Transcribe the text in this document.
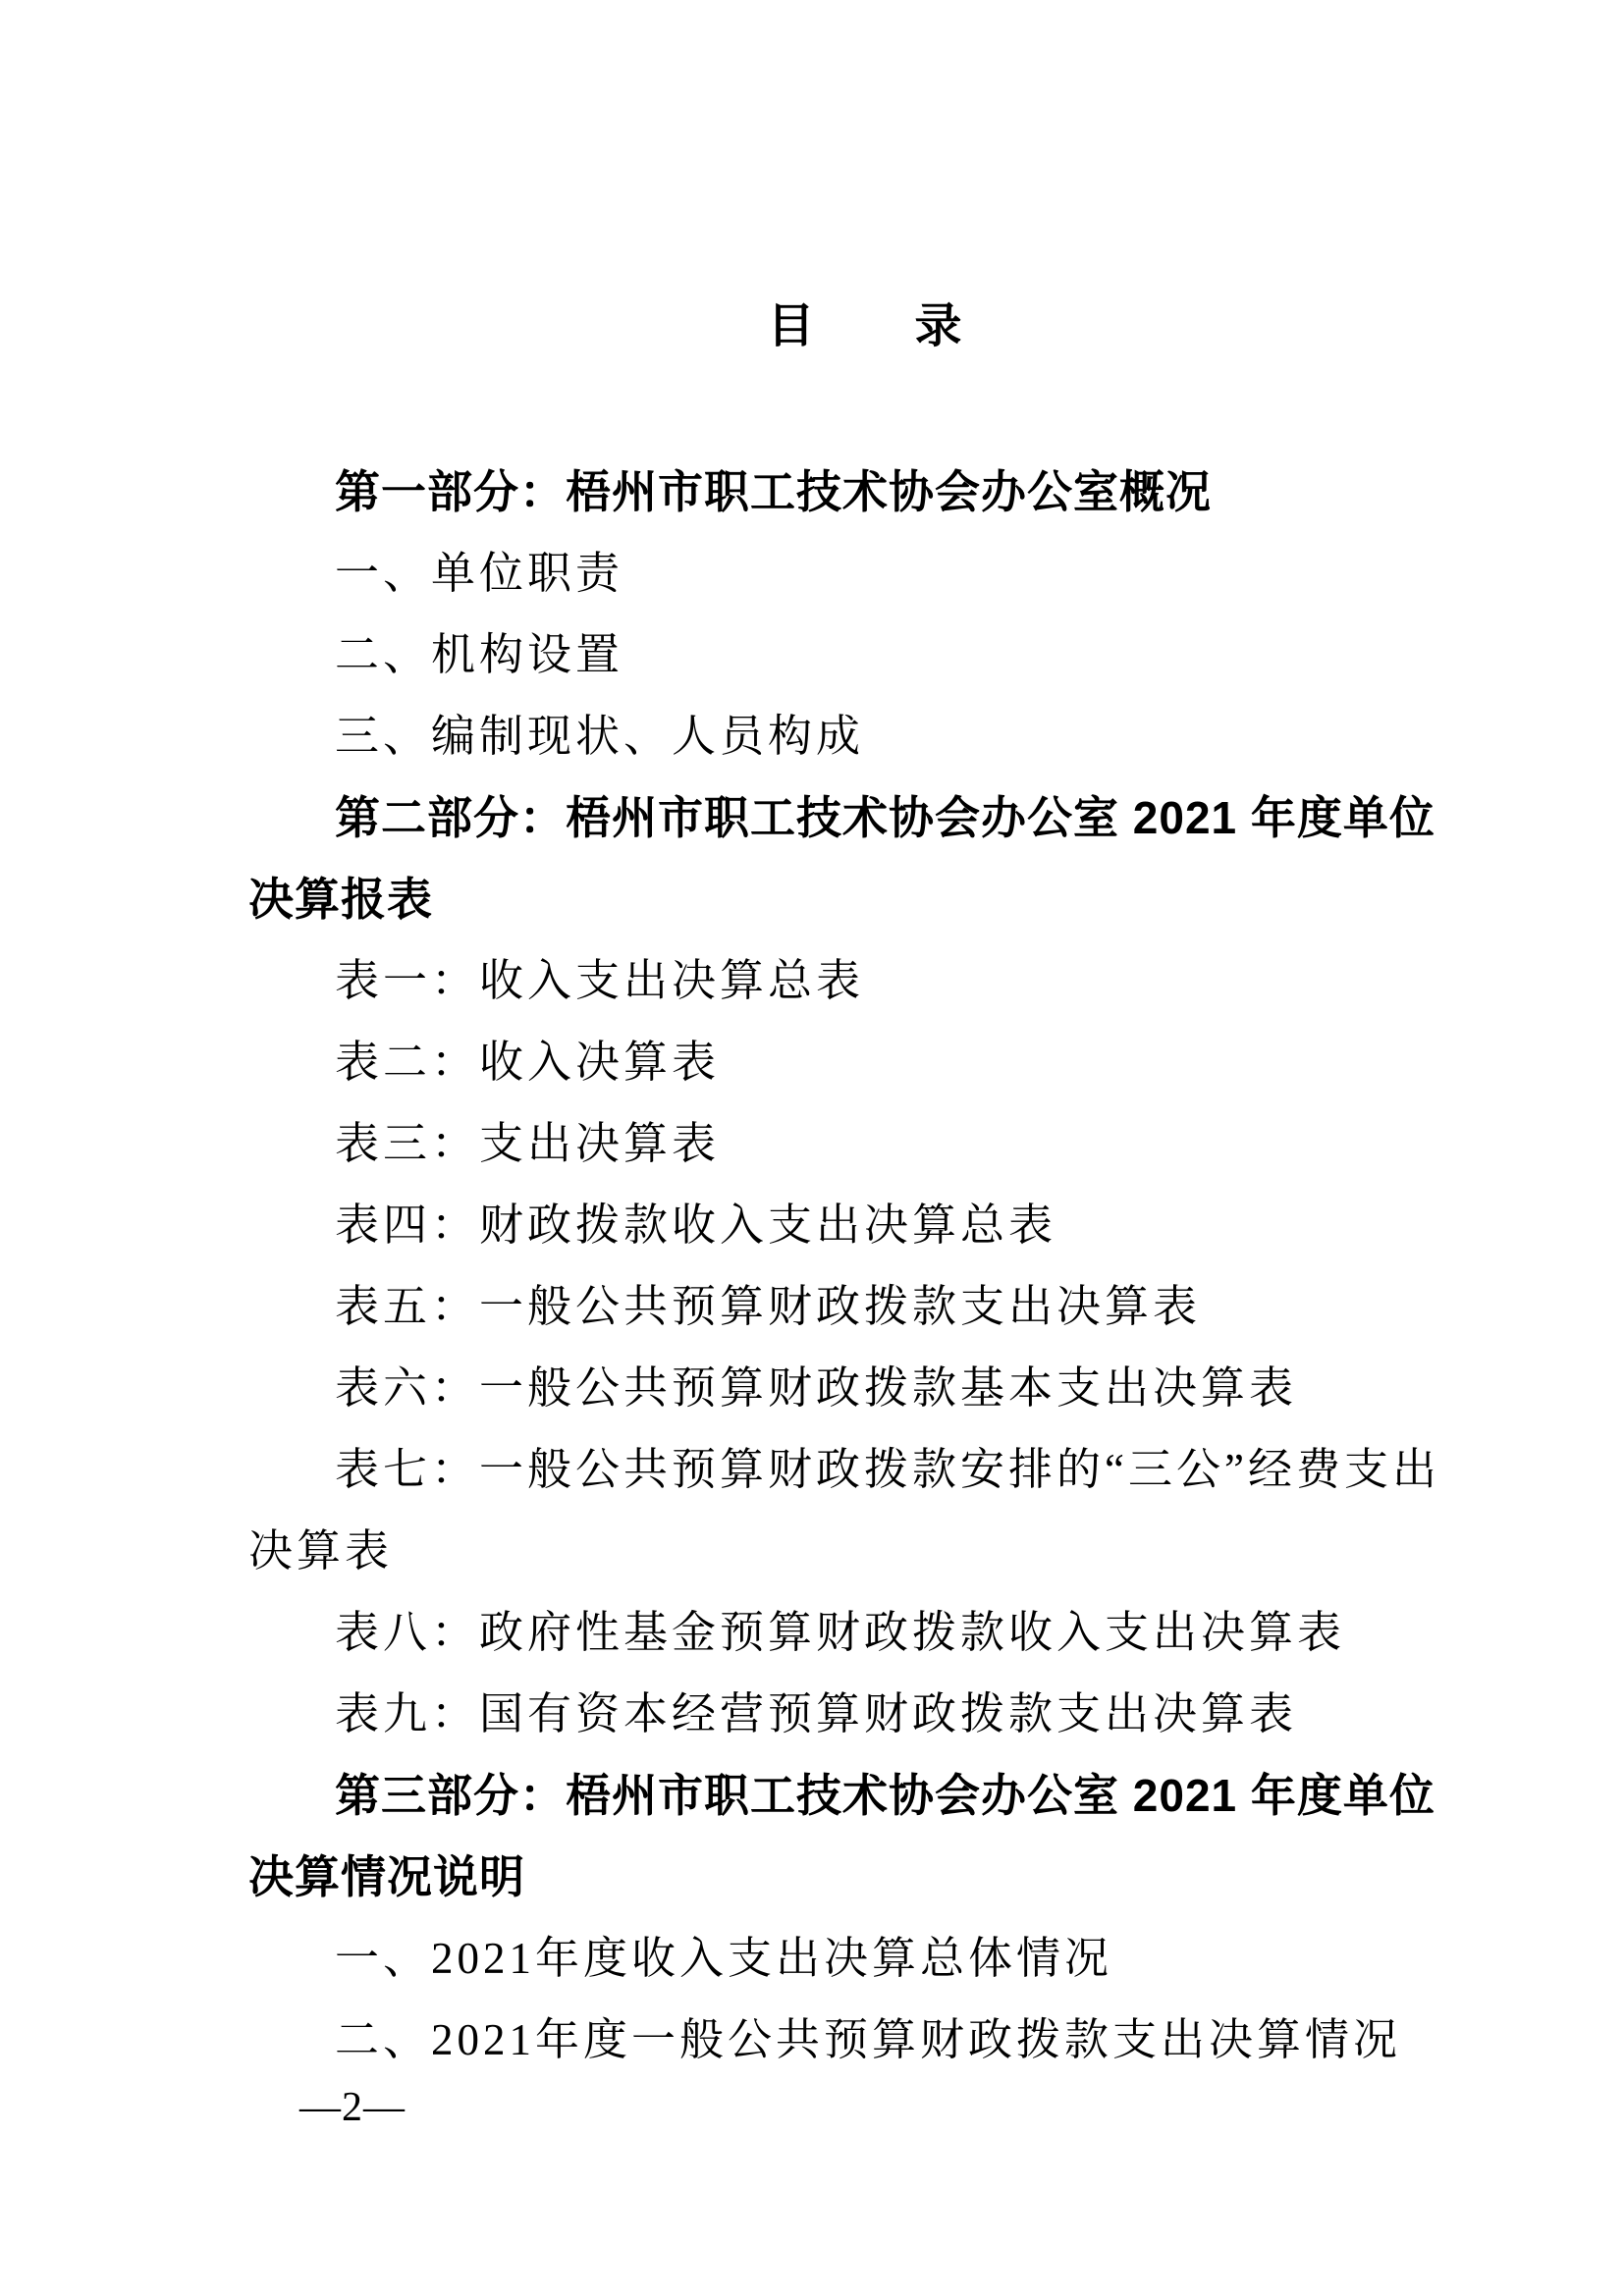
目　　录
第一部分：梧州市职工技术协会办公室概况
一、单位职责
二、机构设置
三、编制现状、人员构成
第二部分：梧州市职工技术协会办公室 2021 年度单位
决算报表
表一：收入支出决算总表
表二：收入决算表
表三：支出决算表
表四：财政拨款收入支出决算总表
表五：一般公共预算财政拨款支出决算表
表六：一般公共预算财政拨款基本支出决算表
表七：一般公共预算财政拨款安排的“三公”经费支出
决算表
表八：政府性基金预算财政拨款收入支出决算表
表九：国有资本经营预算财政拨款支出决算表
第三部分：梧州市职工技术协会办公室 2021 年度单位
决算情况说明
一、2021年度收入支出决算总体情况
二、2021年度一般公共预算财政拨款支出决算情况
—2—
